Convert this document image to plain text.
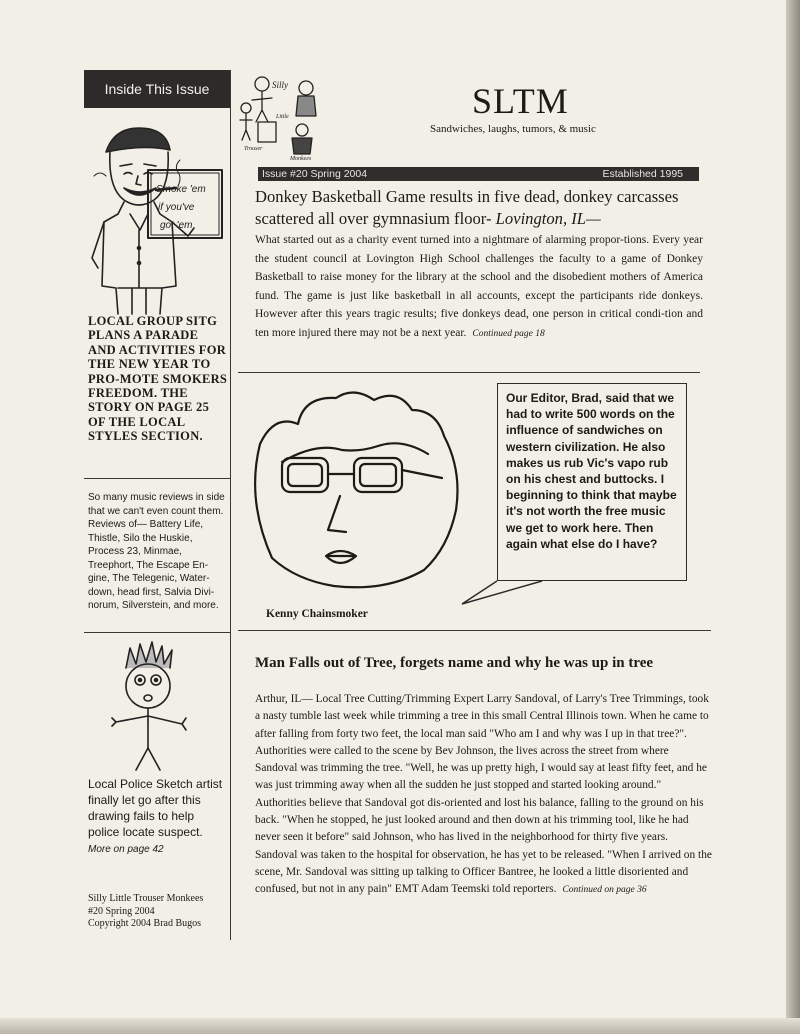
Inside This Issue
Smoke 'em
if you've
got 'em
LOCAL GROUP SITG PLANS A PARADE AND ACTIVITIES FOR THE NEW YEAR TO PRO-MOTE SMOKERS FREEDOM. THE STORY ON PAGE 25 OF THE LOCAL STYLES SECTION.
So many music reviews in side that we can't even count them. Reviews of— Battery Life, Thistle, Silo the Huskie, Process 23, Minmae, Treephort, The Escape En-gine, The Telegenic, Water-down, head first, Salvia Divi-norum, Silverstein, and more.
Local Police Sketch artist finally let go after this drawing fails to help police locate suspect. More on page 42
Silly Little Trouser Monkees
#20 Spring 2004
Copyright 2004 Brad Bugos
Silly
Little
Trouser
Monkees
SLTM
Sandwiches, laughs, tumors, & music
Issue #20 Spring 2004	Established 1995
Donkey Basketball Game results in five dead, donkey carcasses scattered all over gymnasium floor- Lovington, IL—
What started out as a charity event turned into a nightmare of alarming propor-tions. Every year the student council at Lovington High School challenges the faculty to a game of Donkey Basketball to raise money for the library at the school and the disobedient mothers of America fund. The game is just like basketball in all accounts, except the participants ride donkeys. However after this years tragic results; five donkeys dead, one person in critical condi-tion and ten more injured there may not be a next year. Continued page 18
Our Editor, Brad, said that we had to write 500 words on the influence of sandwiches on western civilization. He also makes us rub Vic's vapo rub on his chest and buttocks. I beginning to think that maybe it's not worth the free music we get to work here. Then again what else do I have?
Kenny Chainsmoker
Man Falls out of Tree, forgets name and why he was up in tree
Arthur, IL— Local Tree Cutting/Trimming Expert Larry Sandoval, of Larry's Tree Trimmings, took a nasty tumble last week while trimming a tree in this small Central Illinois town. When he came to after falling from forty two feet, the local man said "Who am I and why was I up in that tree?". Authorities were called to the scene by Bev Johnson, the lives across the street from where Sandoval was trimming the tree. "Well, he was up pretty high, I would say at least fifty feet, and he was just trimming away when all the sudden he just stopped and started looking around." Authorities believe that Sandoval got dis-oriented and lost his balance, falling to the ground on his back. "When he stopped, he just looked around and then down at his trimming tool, like he had never seen it before" said Johnson, who has lived in the neighborhood for thirty five years. Sandoval was taken to the hospital for observation, he has yet to be released. "When I arrived on the scene, Mr. Sandoval was sitting up talking to Officer Bantree, he looked a little disoriented and confused, but not in any pain" EMT Adam Teemski told reporters. Continued on page 36
